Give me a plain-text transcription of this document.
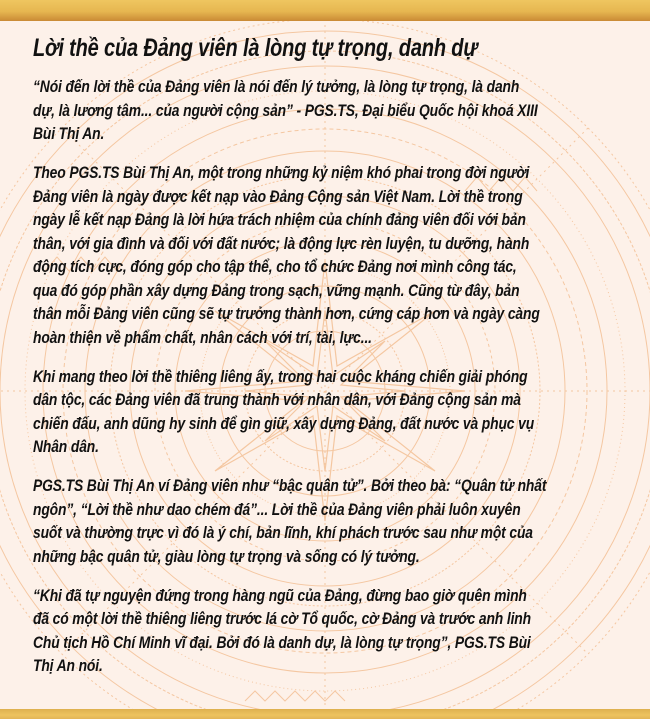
Lời thề của Đảng viên là lòng tự trọng, danh dự
“Nói đến lời thề của Đảng viên là nói đến lý tưởng, là lòng tự trọng, là danh
dự, là lương tâm... của người cộng sản” - PGS.TS, Đại biểu Quốc hội khoá XIII
Bùi Thị An.
Theo PGS.TS Bùi Thị An, một trong những kỷ niệm khó phai trong đời người
Đảng viên là ngày được kết nạp vào Đảng Cộng sản Việt Nam. Lời thề trong
ngày lễ kết nạp Đảng là lời hứa trách nhiệm của chính đảng viên đối với bản
thân, với gia đình và đối với đất nước; là động lực rèn luyện, tu dưỡng, hành
động tích cực, đóng góp cho tập thể, cho tổ chức Đảng nơi mình công tác,
qua đó góp phần xây dựng Đảng trong sạch, vững mạnh. Cũng từ đây, bản
thân mỗi Đảng viên cũng sẽ tự trưởng thành hơn, cứng cáp hơn và ngày càng
hoàn thiện về phẩm chất, nhân cách với trí, tài, lực...
Khi mang theo lời thề thiêng liêng ấy, trong hai cuộc kháng chiến giải phóng
dân tộc, các Đảng viên đã trung thành với nhân dân, với Đảng cộng sản mà
chiến đấu, anh dũng hy sinh để gìn giữ, xây dựng Đảng, đất nước và phục vụ
Nhân dân.
PGS.TS Bùi Thị An ví Đảng viên như “bậc quân tử”. Bởi theo bà: “Quân tử nhất
ngôn”, “Lời thề như dao chém đá”... Lời thề của Đảng viên phải luôn xuyên
suốt và thường trực vì đó là ý chí, bản lĩnh, khí phách trước sau như một của
những bậc quân tử, giàu lòng tự trọng và sống có lý tưởng.
“Khi đã tự nguyện đứng trong hàng ngũ của Đảng, đừng bao giờ quên mình
đã có một lời thề thiêng liêng trước lá cờ Tổ quốc, cờ Đảng và trước anh linh
Chủ tịch Hồ Chí Minh vĩ đại. Bởi đó là danh dự, là lòng tự trọng”, PGS.TS Bùi
Thị An nói.
